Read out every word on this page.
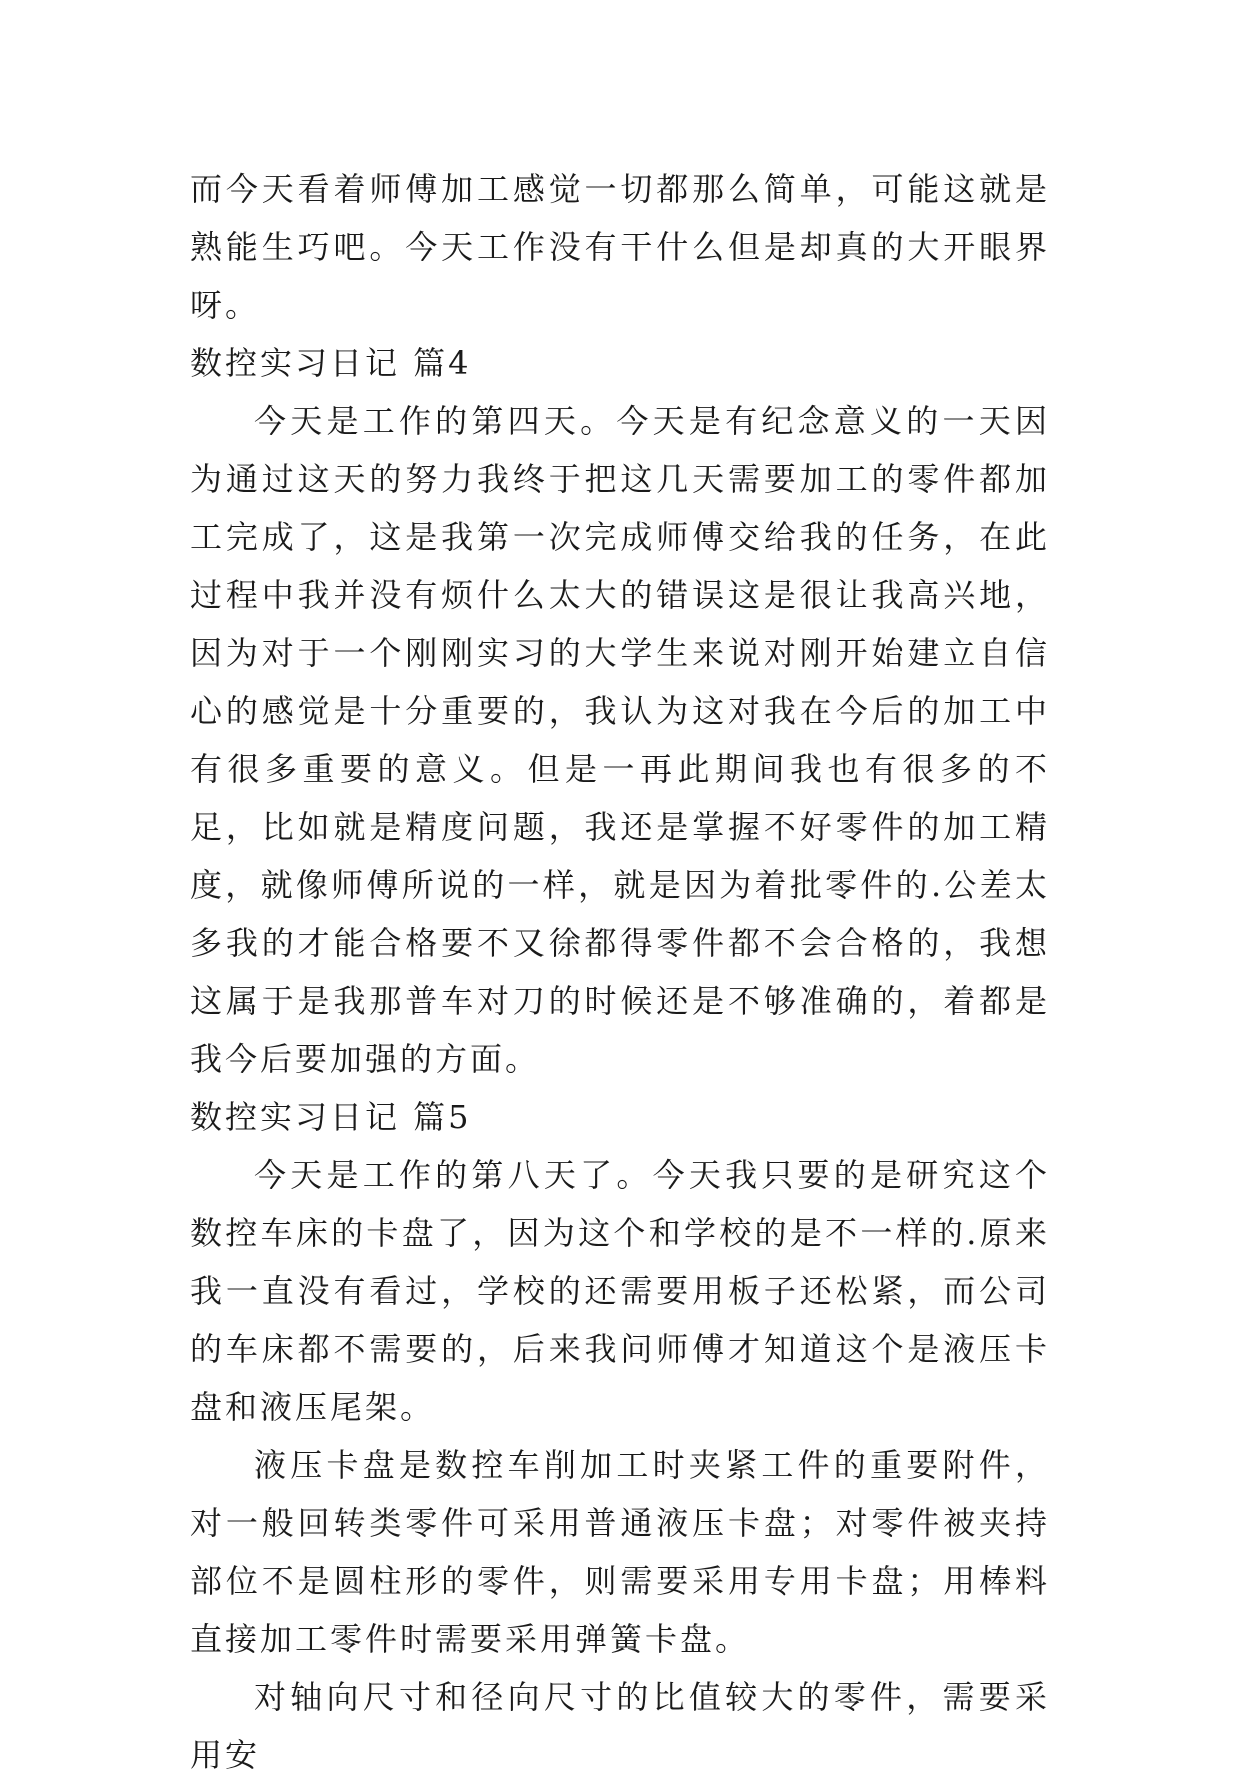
而今天看着师傅加工感觉一切都那么简单，可能这就是熟能生巧吧。今天工作没有干什么但是却真的大开眼界呀。

数控实习日记 篇4

今天是工作的第四天。今天是有纪念意义的一天因为通过这天的努力我终于把这几天需要加工的零件都加工完成了，这是我第一次完成师傅交给我的任务，在此过程中我并没有烦什么太大的错误这是很让我高兴地，因为对于一个刚刚实习的大学生来说对刚开始建立自信心的感觉是十分重要的，我认为这对我在今后的加工中有很多重要的意义。但是一再此期间我也有很多的不足，比如就是精度问题，我还是掌握不好零件的加工精度，就像师傅所说的一样，就是因为着批零件的.公差太多我的才能合格要不又徐都得零件都不会合格的，我想这属于是我那普车对刀的时候还是不够准确的，着都是我今后要加强的方面。

数控实习日记 篇5

今天是工作的第八天了。今天我只要的是研究这个数控车床的卡盘了，因为这个和学校的是不一样的.原来我一直没有看过，学校的还需要用板子还松紧，而公司的车床都不需要的，后来我问师傅才知道这个是液压卡盘和液压尾架。

液压卡盘是数控车削加工时夹紧工件的重要附件，对一般回转类零件可采用普通液压卡盘；对零件被夹持部位不是圆柱形的零件，则需要采用专用卡盘；用棒料直接加工零件时需要采用弹簧卡盘。

对轴向尺寸和径向尺寸的比值较大的零件，需要采用安
